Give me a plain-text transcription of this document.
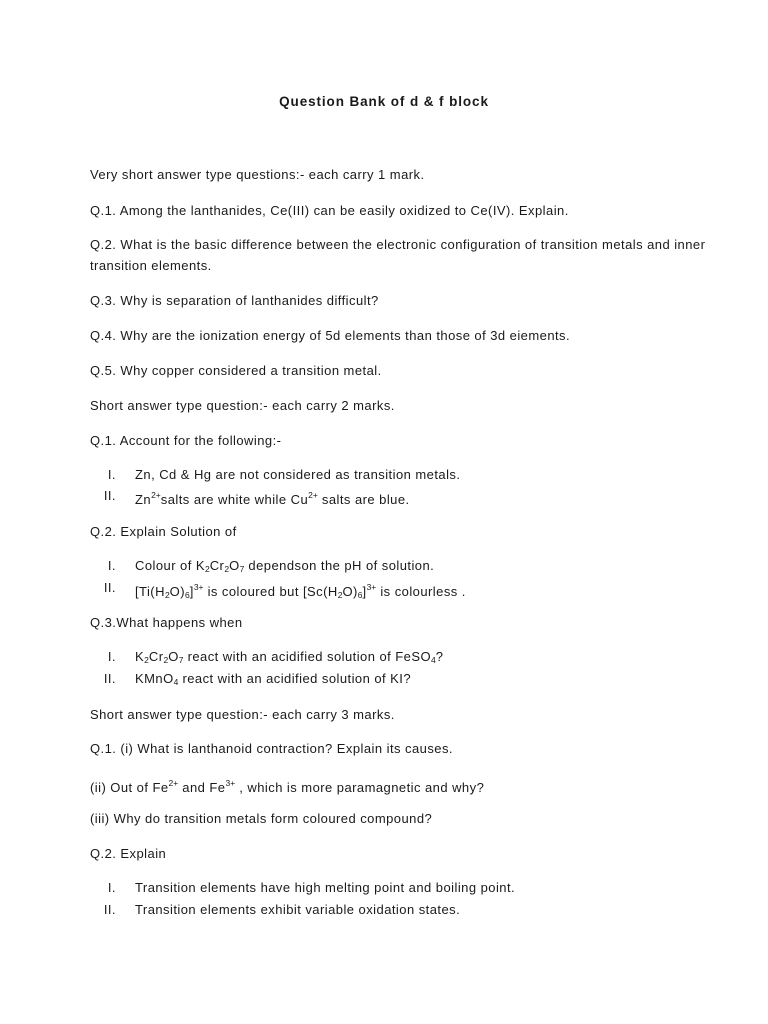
Question Bank of d & f block
Very short answer type questions:- each carry 1 mark.
Q.1. Among the lanthanides, Ce(III) can be easily oxidized to Ce(IV). Explain.
Q.2. What is the basic difference between the electronic configuration of transition metals and inner transition elements.
Q.3. Why is separation of lanthanides difficult?
Q.4. Why are the ionization energy of 5d elements than those of 3d eiements.
Q.5. Why copper considered a transition metal.
Short answer type question:- each carry 2 marks.
Q.1. Account for the following:-
I. Zn, Cd & Hg are not considered as transition metals.
II. $Zn^{2+}salts$ are white while $Cu^{2+}$ salts are blue.
Q.2. Explain Solution of
I. Colour of $K_2Cr_2O_7$ dependson the pH of solution.
II. $[Ti(H_2O)_6]^{3+}$ is coloured but $[Sc(H_2O)_6]^{3+}$ is colourless .
Q.3.What happens when
I. $K_2Cr_2O_7$ react with an acidified solution of FeSO$_4$?
II. KMnO$_4$ react with an acidified solution of KI?
Short answer type question:- each carry 3 marks.
Q.1. (i) What is lanthanoid contraction? Explain its causes.
(ii) Out of $Fe^{2+}$ and $Fe^{3+}$ , which is more paramagnetic and why?
(iii) Why do transition metals form coloured compound?
Q.2. Explain
I. Transition elements have high melting point and boiling point.
II. Transition elements exhibit variable oxidation states.
